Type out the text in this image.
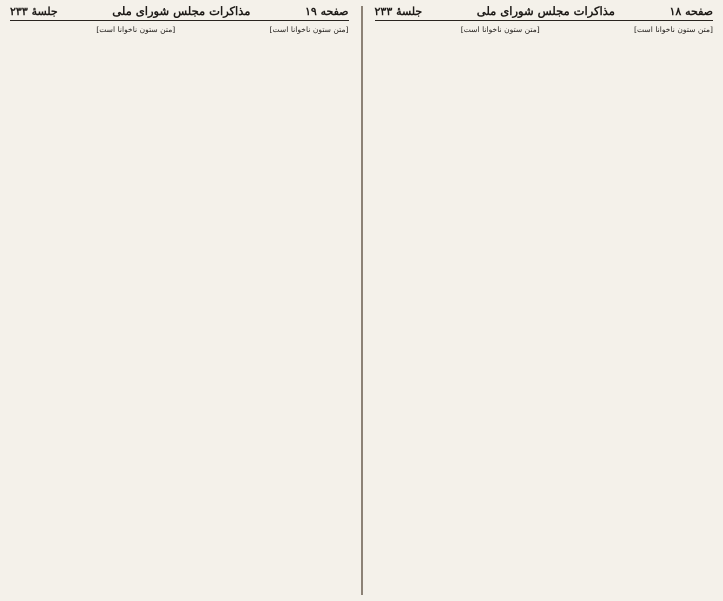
صفحه ۱۹
مذاکرات مجلس شورای ملی
جلسهٔ ۲۳۳

[متن ستون ناخوانا است]

[متن ستون ناخوانا است]

صفحه ۱۸
مذاکرات مجلس شورای ملی
جلسهٔ ۲۳۳

[متن ستون ناخوانا است]

[متن ستون ناخوانا است]
